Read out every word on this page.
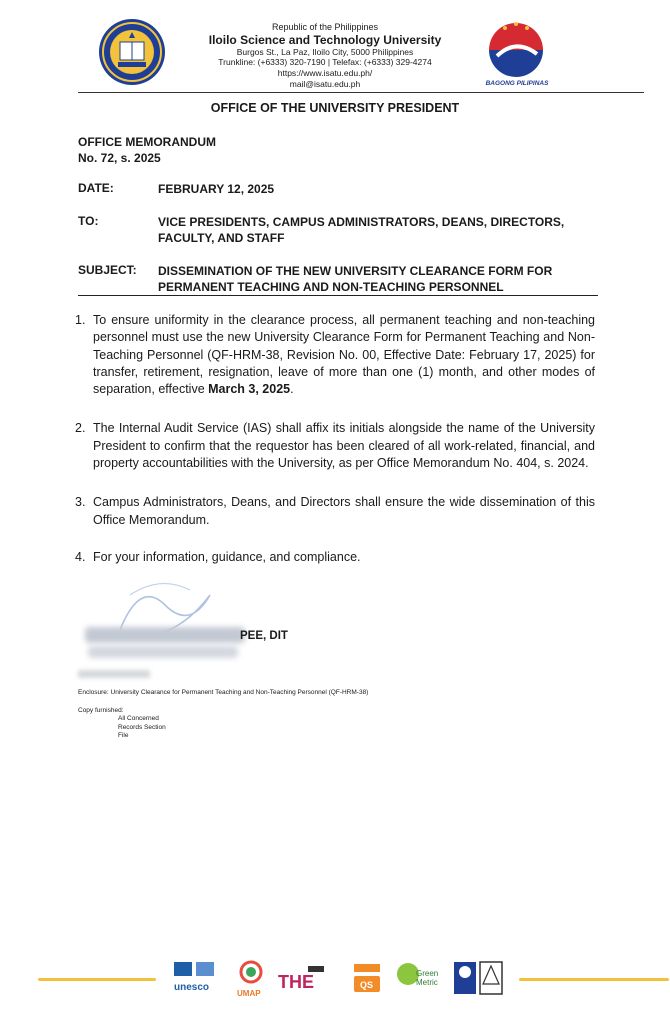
Republic of the Philippines
Iloilo Science and Technology University
Burgos St., La Paz, Iloilo City, 5000 Philippines
Trunkline: (+6333) 320-7190 | Telefax: (+6333) 329-4274
https://www.isatu.edu.ph/
mail@isatu.edu.ph	BAGONG PILIPINAS
OFFICE OF THE UNIVERSITY PRESIDENT
OFFICE MEMORANDUM
No. 72, s. 2025
DATE:	FEBRUARY 12, 2025
TO:	VICE PRESIDENTS, CAMPUS ADMINISTRATORS, DEANS, DIRECTORS, FACULTY, AND STAFF
SUBJECT: DISSEMINATION OF THE NEW UNIVERSITY CLEARANCE FORM FOR PERMANENT TEACHING AND NON-TEACHING PERSONNEL
1. To ensure uniformity in the clearance process, all permanent teaching and non-teaching personnel must use the new University Clearance Form for Permanent Teaching and Non-Teaching Personnel (QF-HRM-38, Revision No. 00, Effective Date: February 17, 2025) for transfer, retirement, resignation, leave of more than one (1) month, and other modes of separation, effective March 3, 2025.
2. The Internal Audit Service (IAS) shall affix its initials alongside the name of the University President to confirm that the requestor has been cleared of all work-related, financial, and property accountabilities with the University, as per Office Memorandum No. 404, s. 2024.
3. Campus Administrators, Deans, and Directors shall ensure the wide dissemination of this Office Memorandum.
4. For your information, guidance, and compliance.
PEE, DIT
Enclosure: University Clearance for Permanent Teaching and Non-Teaching Personnel (QF-HRM-38)
Copy furnished:
All Concerned
Records Section
File
unesco
UMAP
THE	QS
Green
Metric
